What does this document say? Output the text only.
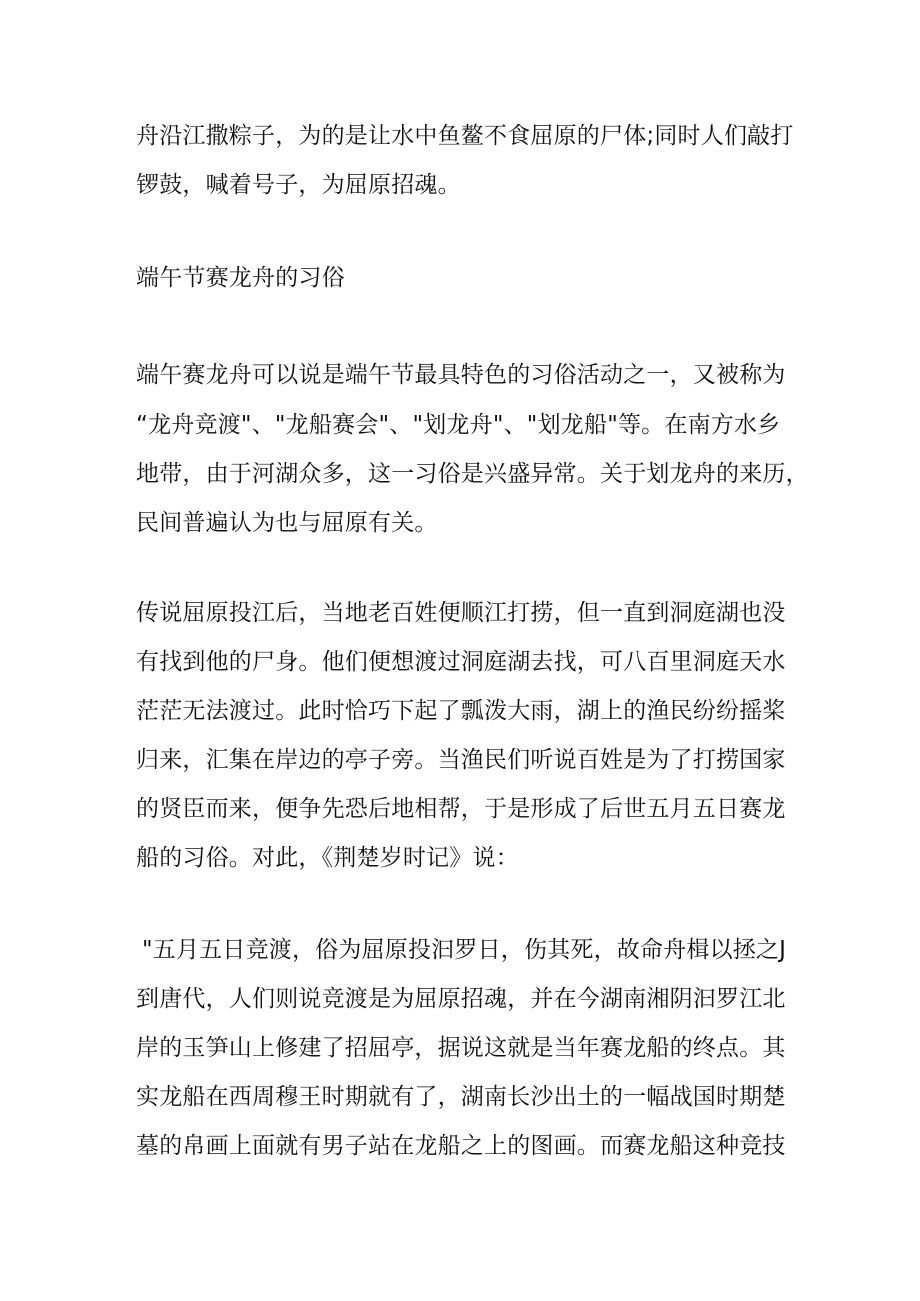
舟沿江撒粽子，为的是让水中鱼鳌不食屈原的尸体;同时人们敲打
锣鼓，喊着号子，为屈原招魂。
端午节赛龙舟的习俗
端午赛龙舟可以说是端午节最具特色的习俗活动之一，又被称为
“龙舟竞渡"、"龙船赛会"、"划龙舟"、"划龙船"等。在南方水乡
地带，由于河湖众多，这一习俗是兴盛异常。关于划龙舟的来历，
民间普遍认为也与屈原有关。
传说屈原投江后，当地老百姓便顺江打捞，但一直到洞庭湖也没
有找到他的尸身。他们便想渡过洞庭湖去找，可八百里洞庭天水
茫茫无法渡过。此时恰巧下起了瓢泼大雨，湖上的渔民纷纷摇桨
归来，汇集在岸边的亭子旁。当渔民们听说百姓是为了打捞国家
的贤臣而来，便争先恐后地相帮，于是形成了后世五月五日赛龙
船的习俗。对此，《荆楚岁时记》说：
"五月五日竞渡，俗为屈原投汩罗日，伤其死，故命舟楫以拯之J
到唐代，人们则说竞渡是为屈原招魂，并在今湖南湘阴汩罗江北
岸的玉笋山上修建了招屈亭，据说这就是当年赛龙船的终点。其
实龙船在西周穆王时期就有了，湖南长沙出土的一幅战国时期楚
墓的帛画上面就有男子站在龙船之上的图画。而赛龙船这种竞技
